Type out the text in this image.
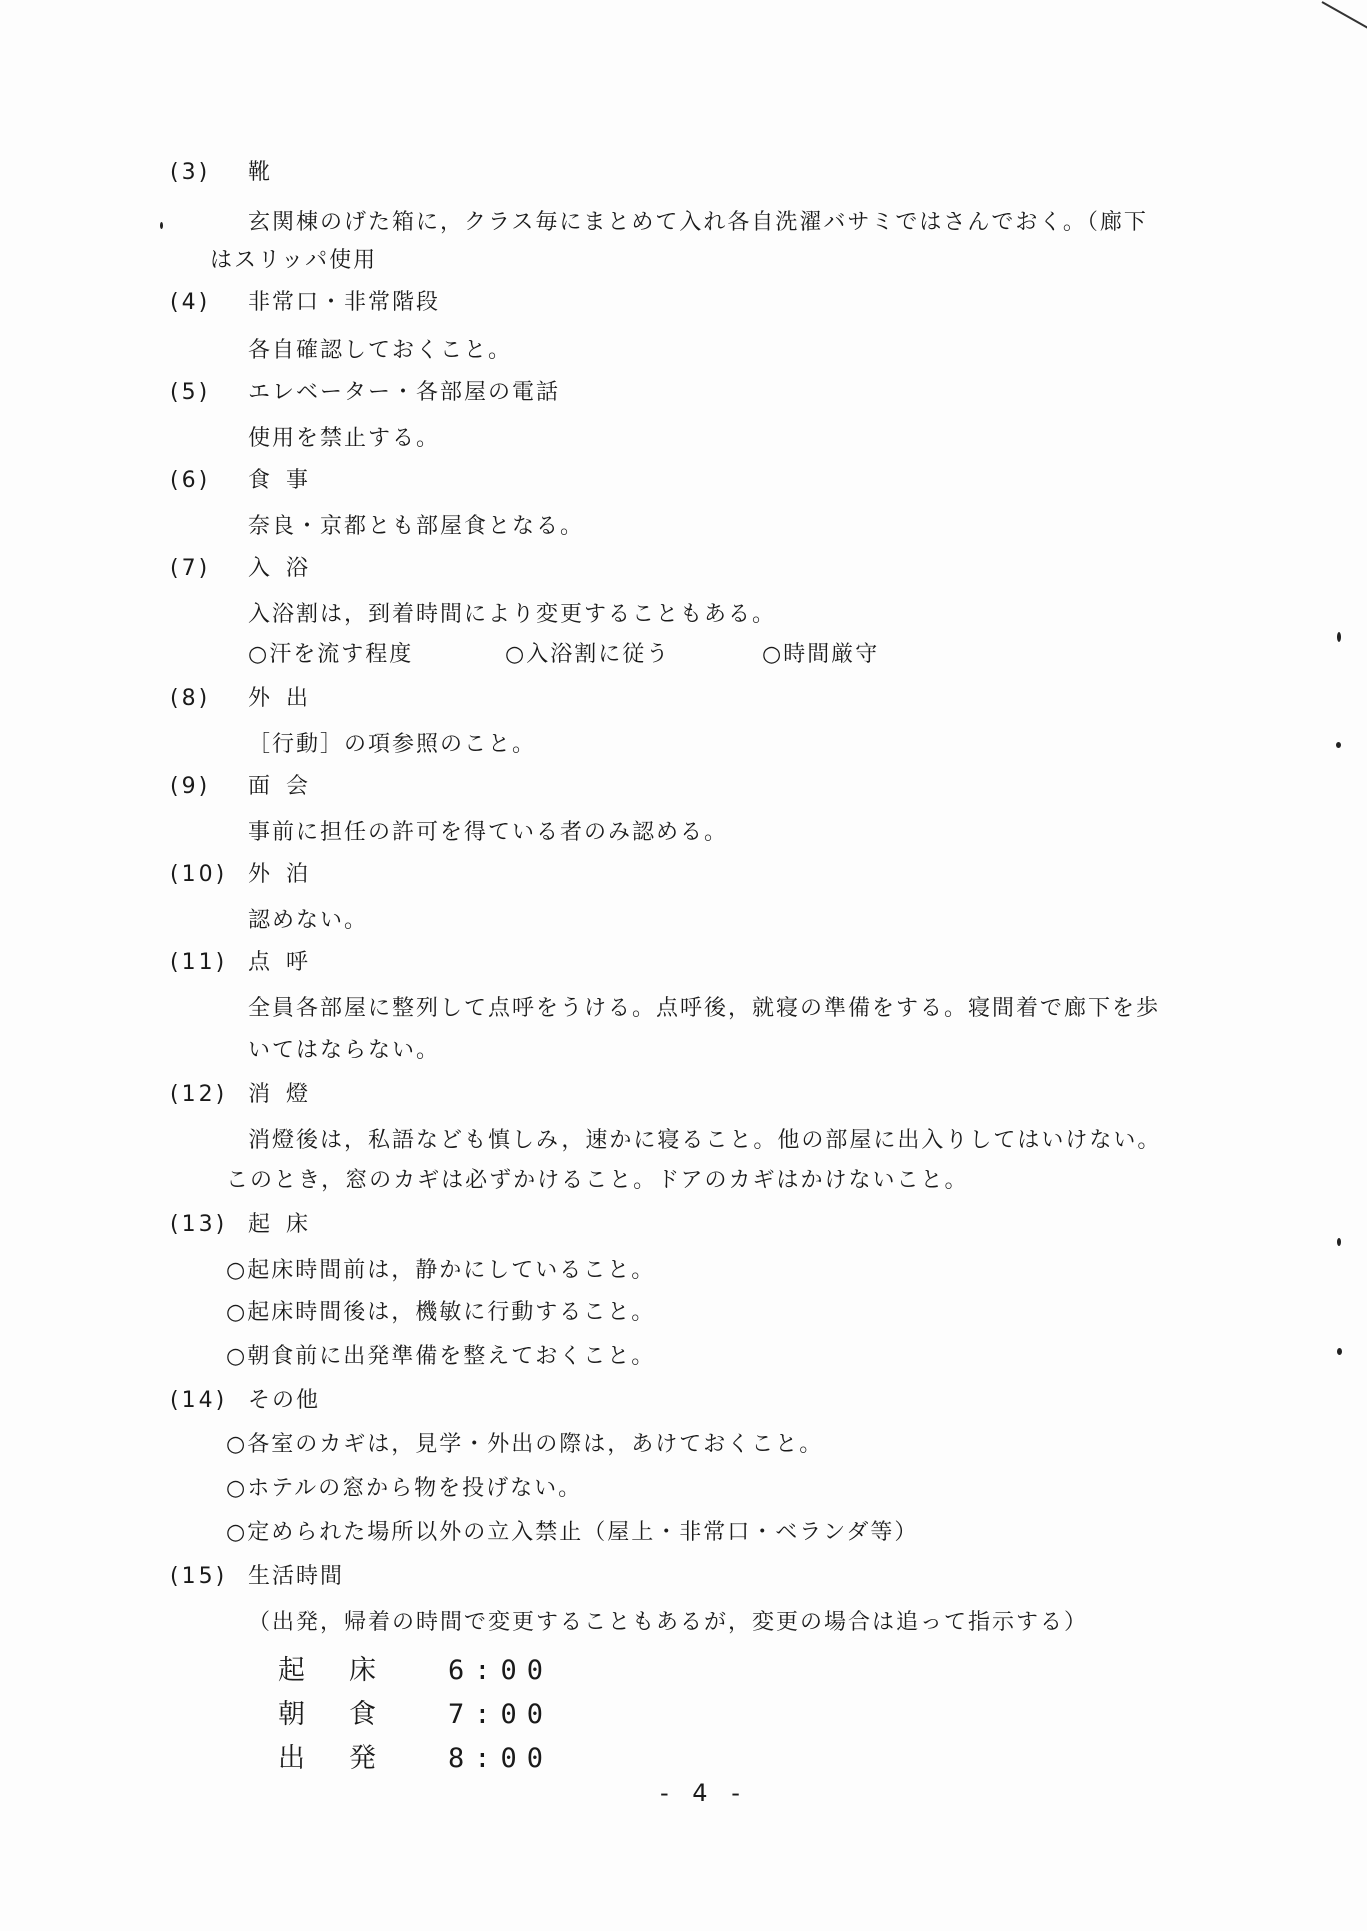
(3) 靴
玄関棟のげた箱に，クラス毎にまとめて入れ各自洗濯バサミではさんでおく。（廊下
はスリッパ使用
(4) 非常口・非常階段
各自確認しておくこと。
(5) エレベーター・各部屋の電話
使用を禁止する。
(6) 食事
奈良・京都とも部屋食となる。
(7) 入浴
入浴割は，到着時間により変更することもある。
○汗を流す程度	○入浴割に従う	○時間厳守
(8) 外出
［行動］の項参照のこと。
(9) 面会
事前に担任の許可を得ている者のみ認める。
(10) 外泊
認めない。
(11) 点呼
全員各部屋に整列して点呼をうける。点呼後，就寝の準備をする。寝間着で廊下を歩
いてはならない。
(12) 消燈
消燈後は，私語なども慎しみ，速かに寝ること。他の部屋に出入りしてはいけない。
このとき，窓のカギは必ずかけること。ドアのカギはかけないこと。
(13) 起床
○起床時間前は，静かにしていること。
○起床時間後は，機敏に行動すること。
○朝食前に出発準備を整えておくこと。
(14) その他
○各室のカギは，見学・外出の際は，あけておくこと。
○ホテルの窓から物を投げない。
○定められた場所以外の立入禁止（屋上・非常口・ベランダ等）
(15) 生活時間
（出発，帰着の時間で変更することもあるが，変更の場合は追って指示する）
起床 6:00
朝食 7:00
出発 8:00
- 4 -
